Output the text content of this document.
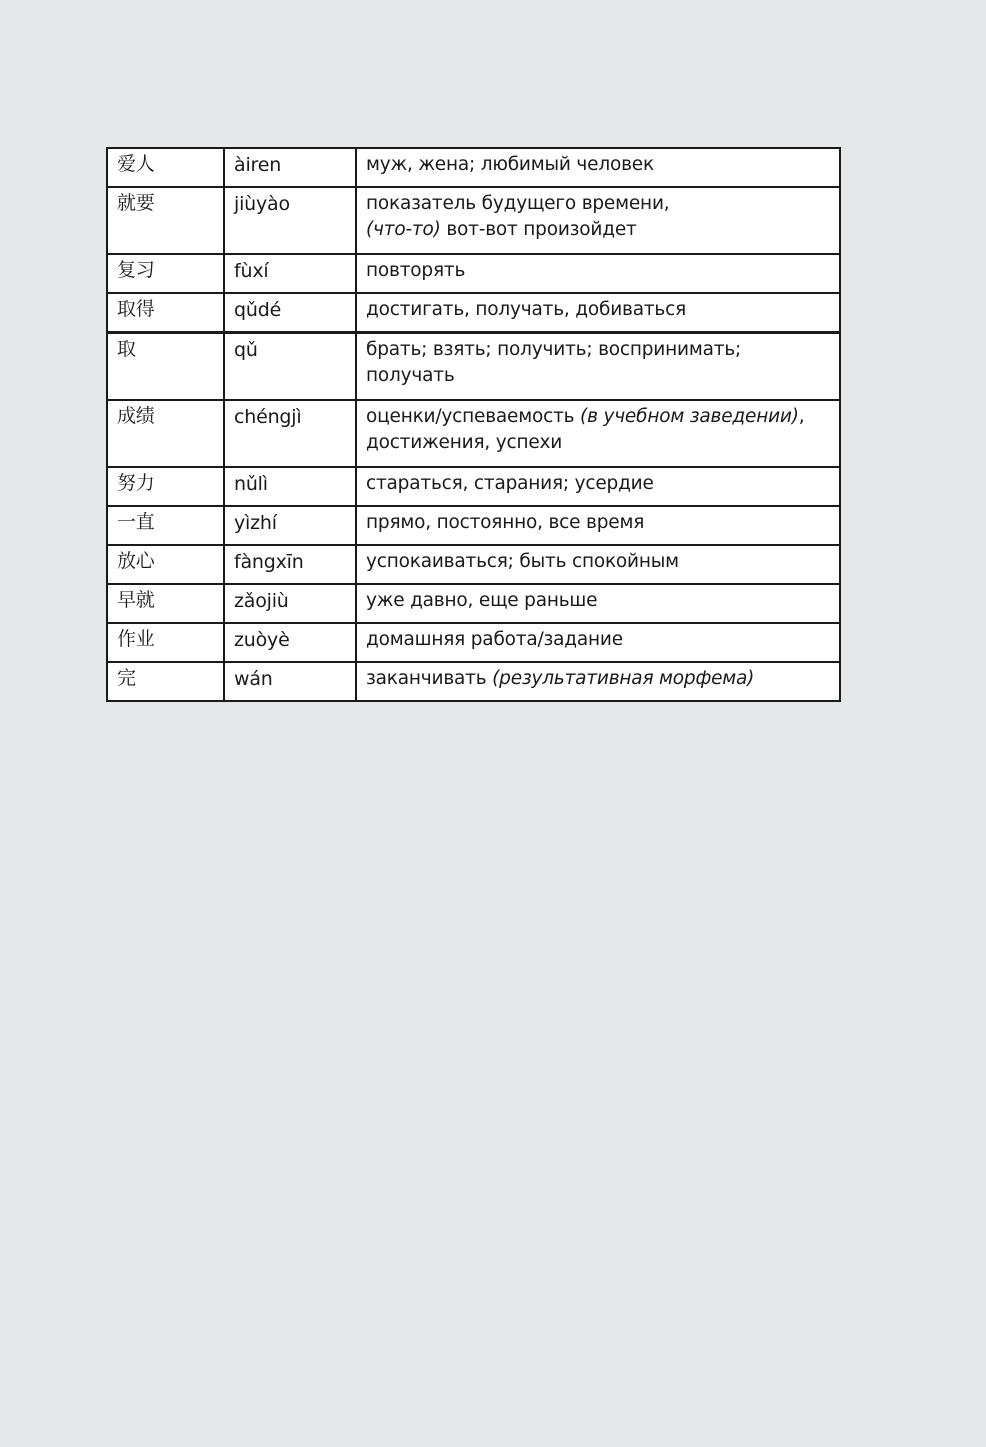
爱人	àiren	муж, жена; любимый человек
就要	jiùyào	показатель будущего времени,
(что-то) вот-вот произойдет
复习	fùxí	повторять
取得	qǔdé	достигать, получать, добиваться
取	qǔ	брать; взять; получить; воспринимать;
получать
成绩	chéngjì	оценки/успеваемость (в учебном заведении),
достижения, успехи
努力	nǔlì	стараться, старания; усердие
一直	yìzhí	прямо, постоянно, все время
放心	fàngxīn	успокаиваться; быть спокойным
早就	zǎojiù	уже давно, еще раньше
作业	zuòyè	домашняя работа/задание
完	wán	заканчивать (результативная морфема)
